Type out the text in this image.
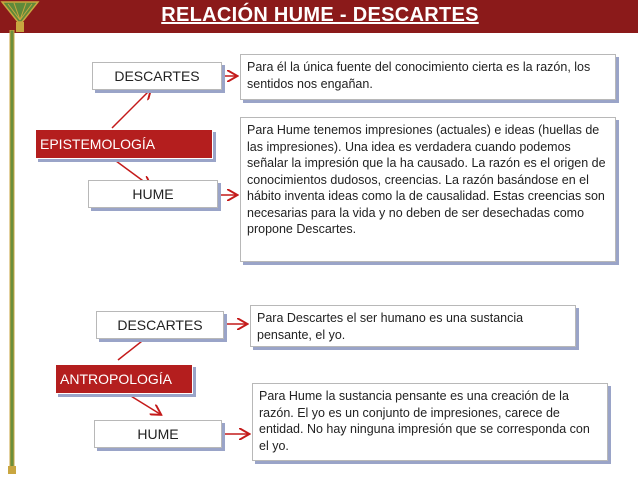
RELACIÓN HUME - DESCARTES
DESCARTES
EPISTEMOLOGÍA
HUME
Para él la única fuente del conocimiento cierta es la razón, los sentidos nos engañan.
Para Hume tenemos impresiones (actuales) e ideas (huellas de las impresiones). Una idea es verdadera cuando podemos señalar la impresión que la ha causado. La razón es el origen de conocimientos dudosos, creencias. La razón basándose en el hábito inventa ideas como la de causalidad. Estas creencias son necesarias para la vida y no deben de ser desechadas como propone Descartes.
DESCARTES
ANTROPOLOGÍA
HUME
Para Descartes el ser humano es una sustancia pensante, el yo.
Para Hume la sustancia pensante es una creación de la razón. El yo es un conjunto de impresiones, carece de entidad. No hay ninguna impresión que se corresponda con el yo.
